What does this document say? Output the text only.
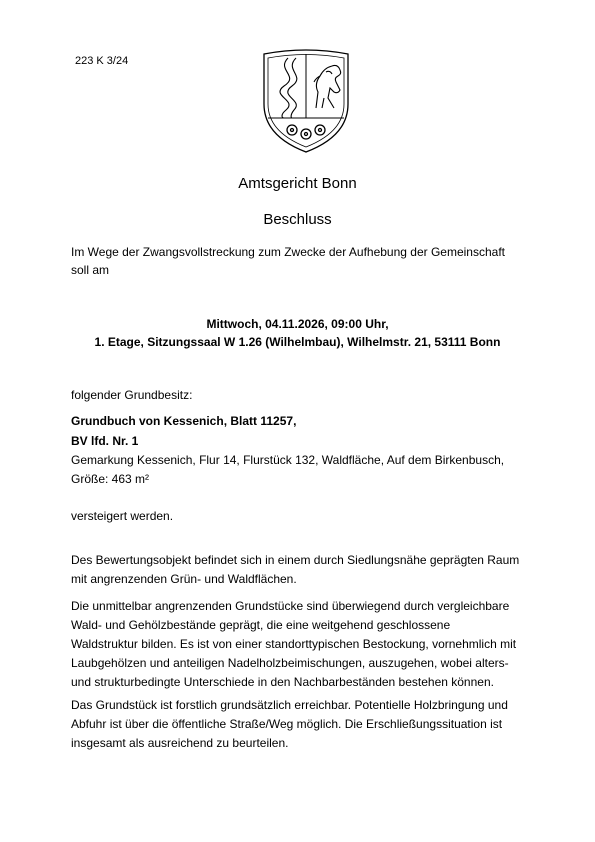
223 K 3/24
Amtsgericht Bonn
Beschluss
Im Wege der Zwangsvollstreckung zum Zwecke der Aufhebung der Gemeinschaft
soll am
Mittwoch, 04.11.2026, 09:00 Uhr,
1. Etage, Sitzungssaal W 1.26 (Wilhelmbau), Wilhelmstr. 21, 53111 Bonn
folgender Grundbesitz:
Grundbuch von Kessenich, Blatt 11257,
BV lfd. Nr. 1
Gemarkung Kessenich, Flur 14, Flurstück 132, Waldfläche, Auf dem Birkenbusch,
Größe: 463 m²
versteigert werden.
Des Bewertungsobjekt befindet sich in einem durch Siedlungsnähe geprägten Raum
mit angrenzenden Grün- und Waldflächen.
Die unmittelbar angrenzenden Grundstücke sind überwiegend durch vergleichbare
Wald- und Gehölzbestände geprägt, die eine weitgehend geschlossene
Waldstruktur bilden. Es ist von einer standorttypischen Bestockung, vornehmlich mit
Laubgehölzen und anteiligen Nadelholzbeimischungen, auszugehen, wobei alters-
und strukturbedingte Unterschiede in den Nachbarbeständen bestehen können.
Das Grundstück ist forstlich grundsätzlich erreichbar. Potentielle Holzbringung und
Abfuhr ist über die öffentliche Straße/Weg möglich. Die Erschließungssituation ist
insgesamt als ausreichend zu beurteilen.
